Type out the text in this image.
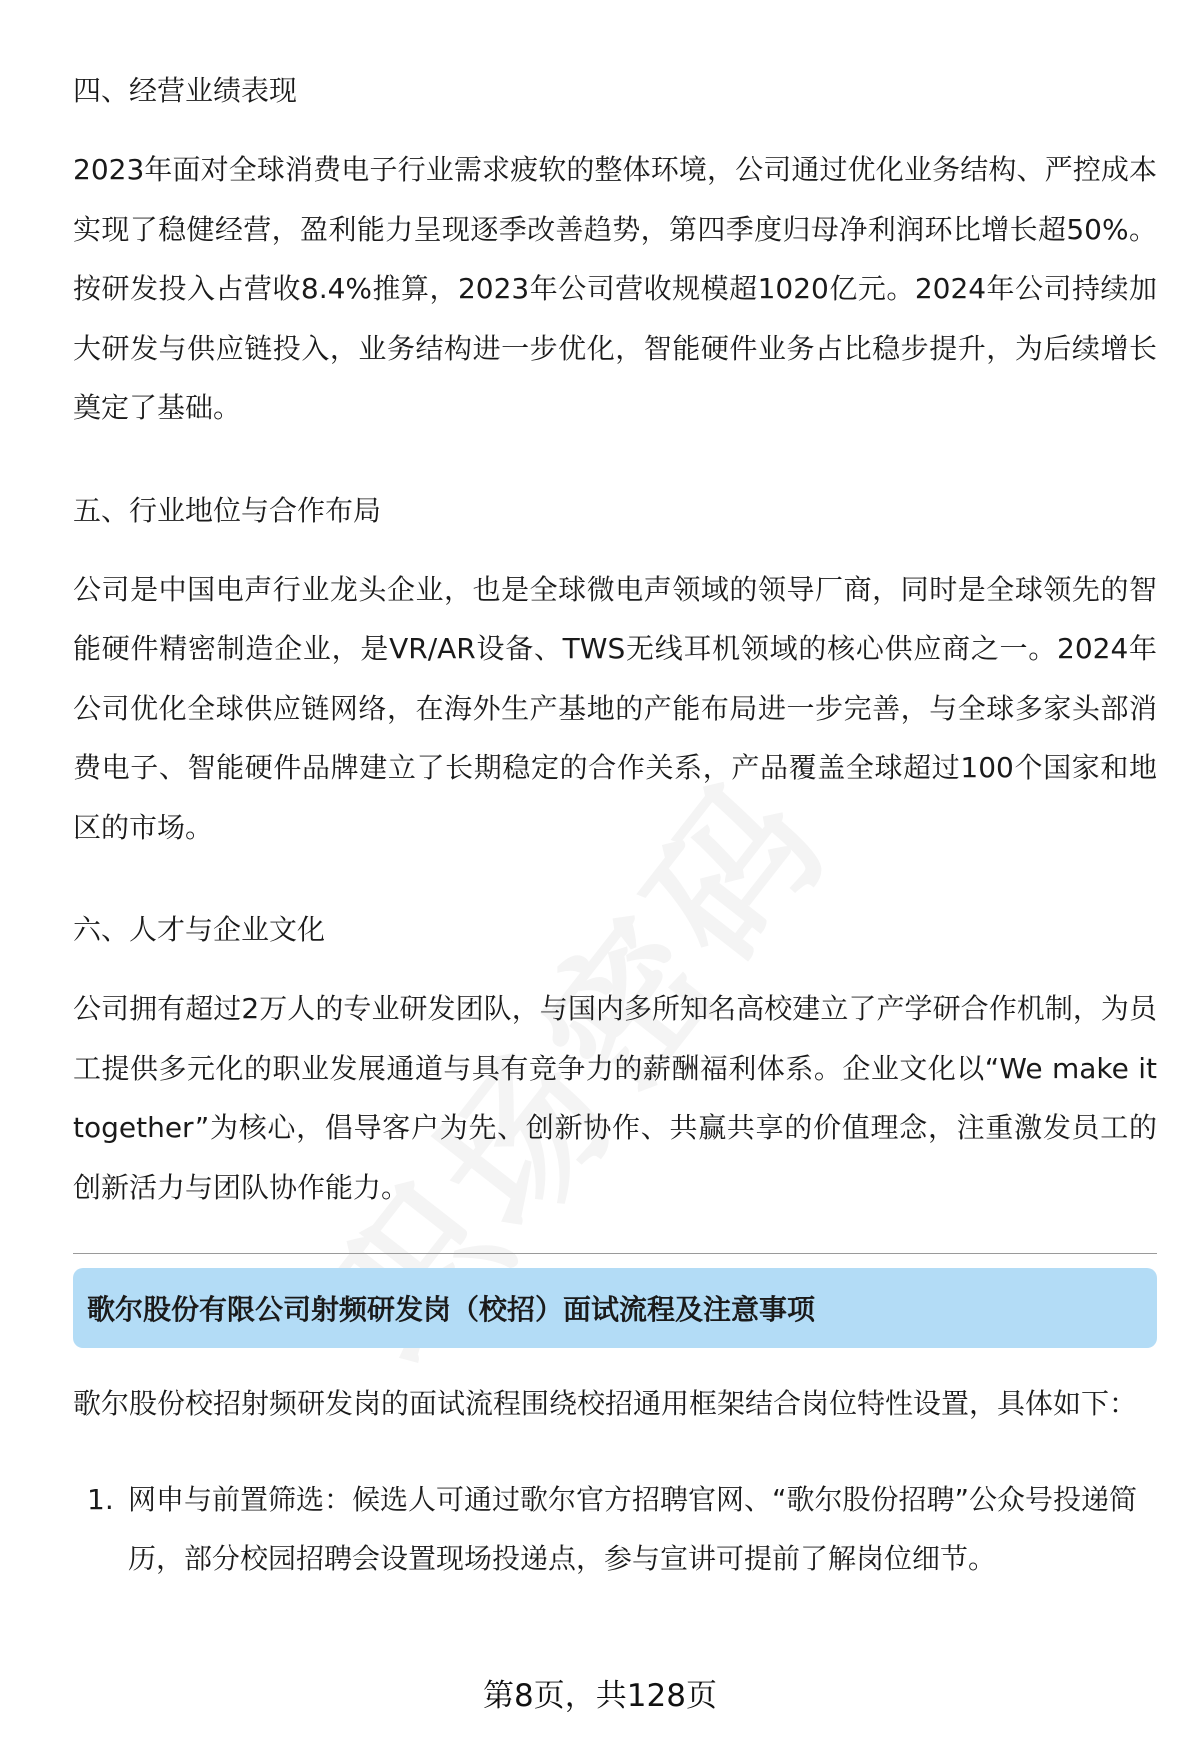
四、经营业绩表现

2023年面对全球消费电子行业需求疲软的整体环境，公司通过优化业务结构、严控成本实现了稳健经营，盈利能力呈现逐季改善趋势，第四季度归母净利润环比增长超50%。按研发投入占营收8.4%推算，2023年公司营收规模超1020亿元。2024年公司持续加大研发与供应链投入，业务结构进一步优化，智能硬件业务占比稳步提升，为后续增长奠定了基础。

五、行业地位与合作布局

公司是中国电声行业龙头企业，也是全球微电声领域的领导厂商，同时是全球领先的智能硬件精密制造企业，是VR/AR设备、TWS无线耳机领域的核心供应商之一。2024年公司优化全球供应链网络，在海外生产基地的产能布局进一步完善，与全球多家头部消费电子、智能硬件品牌建立了长期稳定的合作关系，产品覆盖全球超过100个国家和地区的市场。

六、人才与企业文化

公司拥有超过2万人的专业研发团队，与国内多所知名高校建立了产学研合作机制，为员工提供多元化的职业发展通道与具有竞争力的薪酬福利体系。企业文化以“We make it together”为核心，倡导客户为先、创新协作、共赢共享的价值理念，注重激发员工的创新活力与团队协作能力。

歌尔股份有限公司射频研发岗（校招）面试流程及注意事项

歌尔股份校招射频研发岗的面试流程围绕校招通用框架结合岗位特性设置，具体如下：

1. 网申与前置筛选：候选人可通过歌尔官方招聘官网、“歌尔股份招聘”公众号投递简历，部分校园招聘会设置现场投递点，参与宣讲可提前了解岗位细节。
第8页，共128页
